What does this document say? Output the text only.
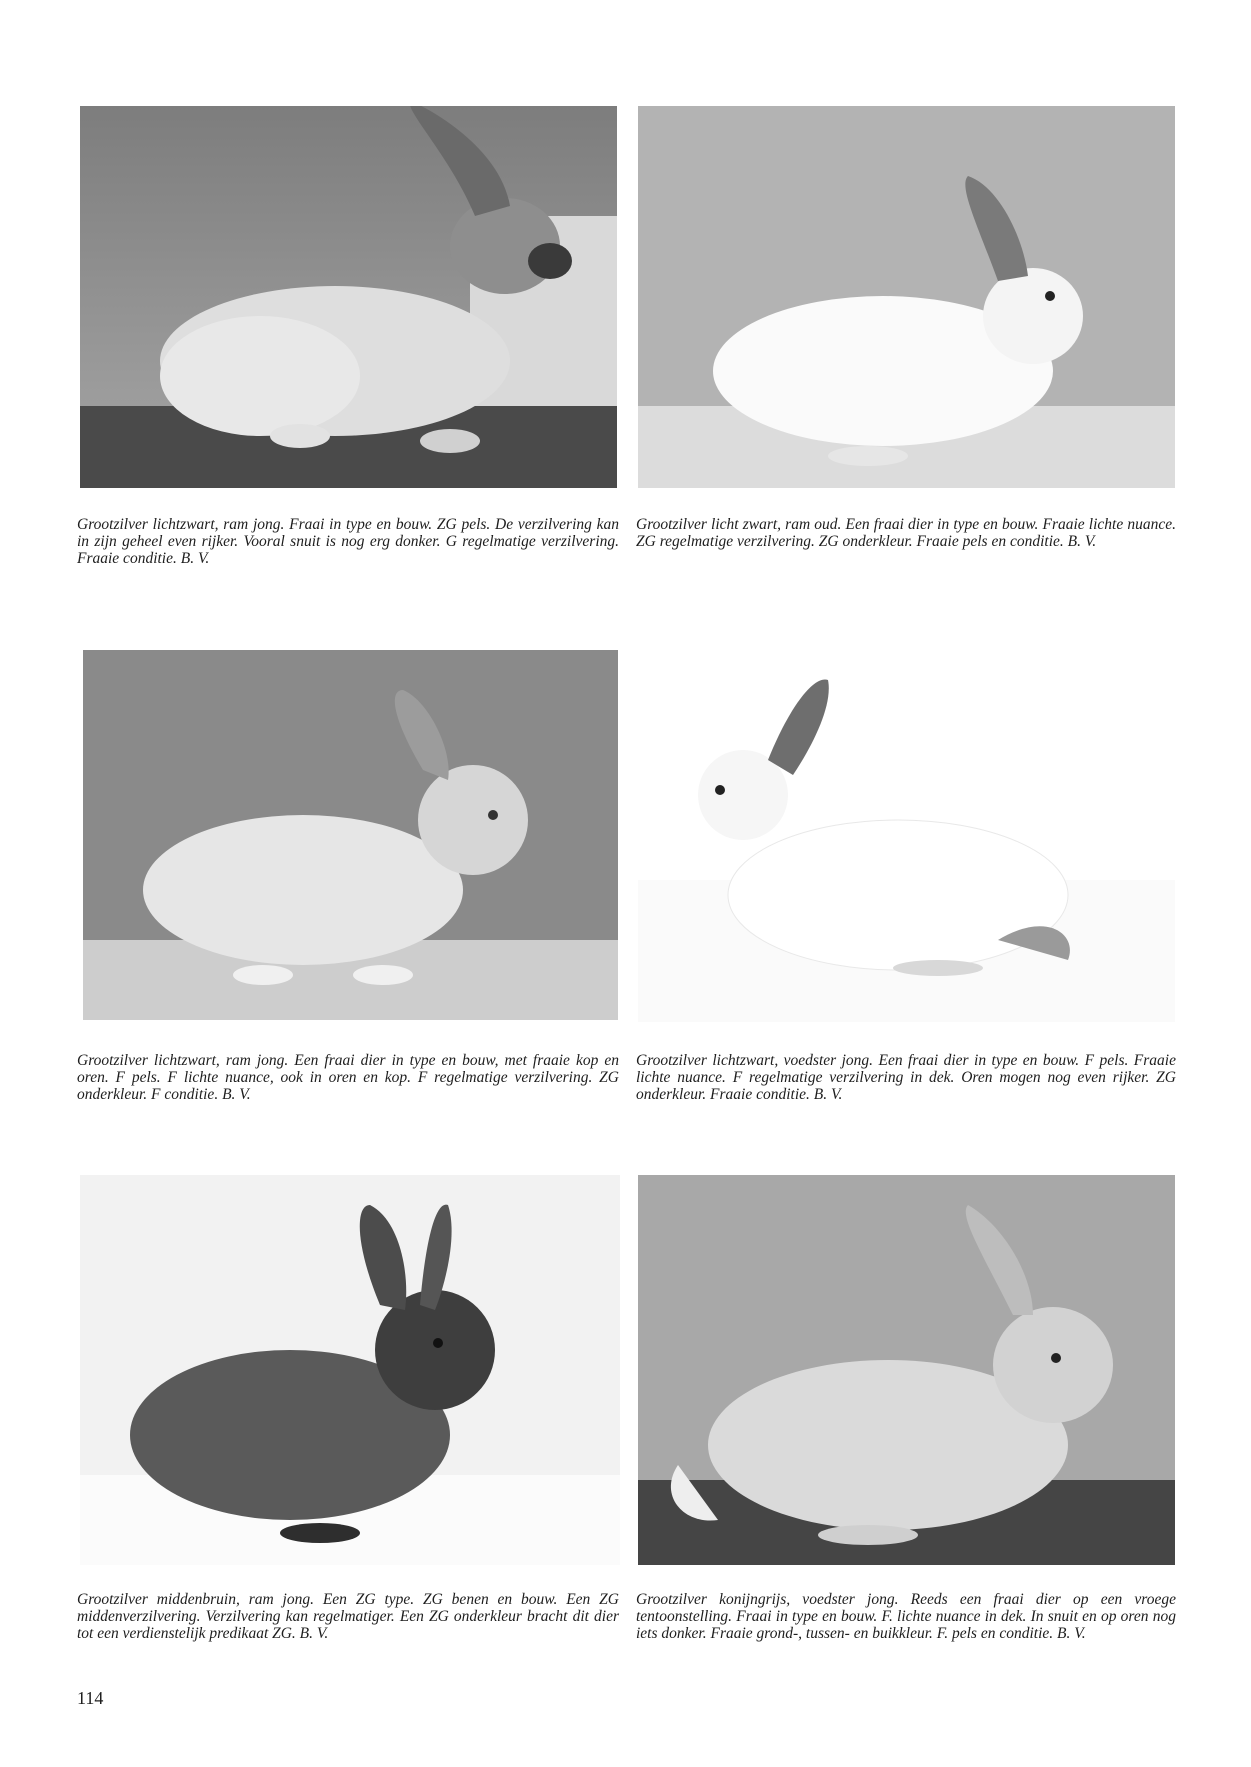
Grootzilver lichtzwart, ram jong. Fraai in type en bouw. ZG pels. De verzilvering kan in zijn geheel even rijker. Vooral snuit is nog erg donker. G regelmatige verzilvering. Fraaie conditie. B. V.

Grootzilver licht zwart, ram oud. Een fraai dier in type en bouw. Fraaie lichte nuance. ZG regelmatige verzilvering. ZG onderkleur. Fraaie pels en conditie. B. V.

Grootzilver lichtzwart, ram jong. Een fraai dier in type en bouw, met fraaie kop en oren. F pels. F lichte nuance, ook in oren en kop. F regelmatige verzilvering. ZG onderkleur. F conditie. B. V.

Grootzilver lichtzwart, voedster jong. Een fraai dier in type en bouw. F pels. Fraaie lichte nuance. F regelmatige verzilvering in dek. Oren mogen nog even rijker. ZG onderkleur. Fraaie conditie. B. V.

Grootzilver middenbruin, ram jong. Een ZG type. ZG benen en bouw. Een ZG middenverzilvering. Verzilvering kan regelmatiger. Een ZG onderkleur bracht dit dier tot een verdienstelijk predikaat ZG. B. V.

Grootzilver konijngrijs, voedster jong. Reeds een fraai dier op een vroege tentoonstelling. Fraai in type en bouw. F. lichte nuance in dek. In snuit en op oren nog iets donker. Fraaie grond-, tussen- en buikkleur. F. pels en conditie. B. V.

114
